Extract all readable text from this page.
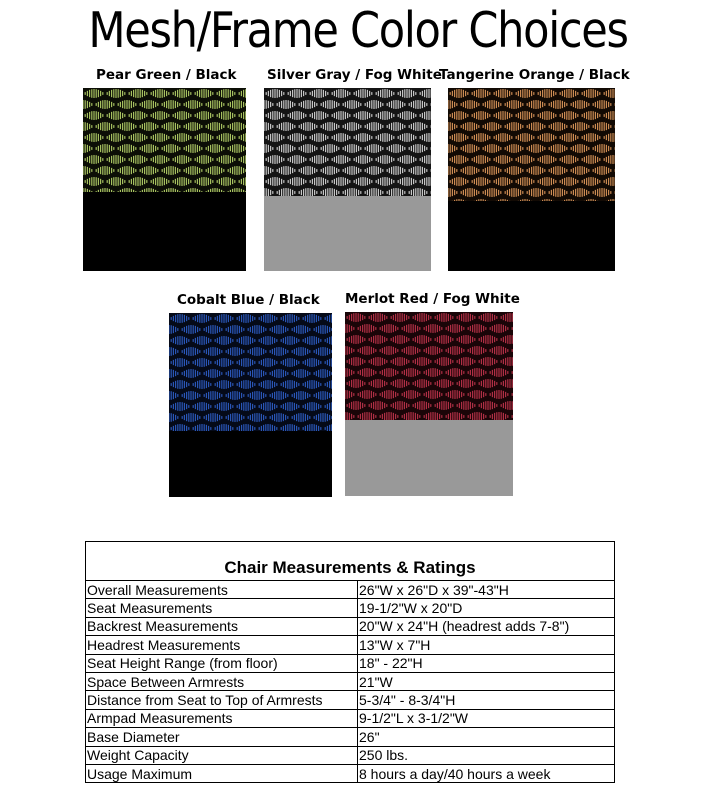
Mesh/Frame Color Choices
Pear Green / Black Silver Gray / Fog White
Tangerine Orange / Black
Cobalt Blue / Black Merlot Red / Fog White
Chair Measurements & Ratings
Overall Measurements	26"W x 26"D x 39"-43"H
Seat Measurements	19-1/2"W x 20"D
Backrest Measurements	20"W x 24"H (headrest adds 7-8")
Headrest Measurements	13"W x 7"H
Seat Height Range (from floor)	18" - 22"H
Space Between Armrests	21"W
Distance from Seat to Top of Armrests	5-3/4" - 8-3/4"H
Armpad Measurements	9-1/2"L x 3-1/2"W
Base Diameter	26"
Weight Capacity	250 lbs.
Usage Maximum	8 hours a day/40 hours a week
